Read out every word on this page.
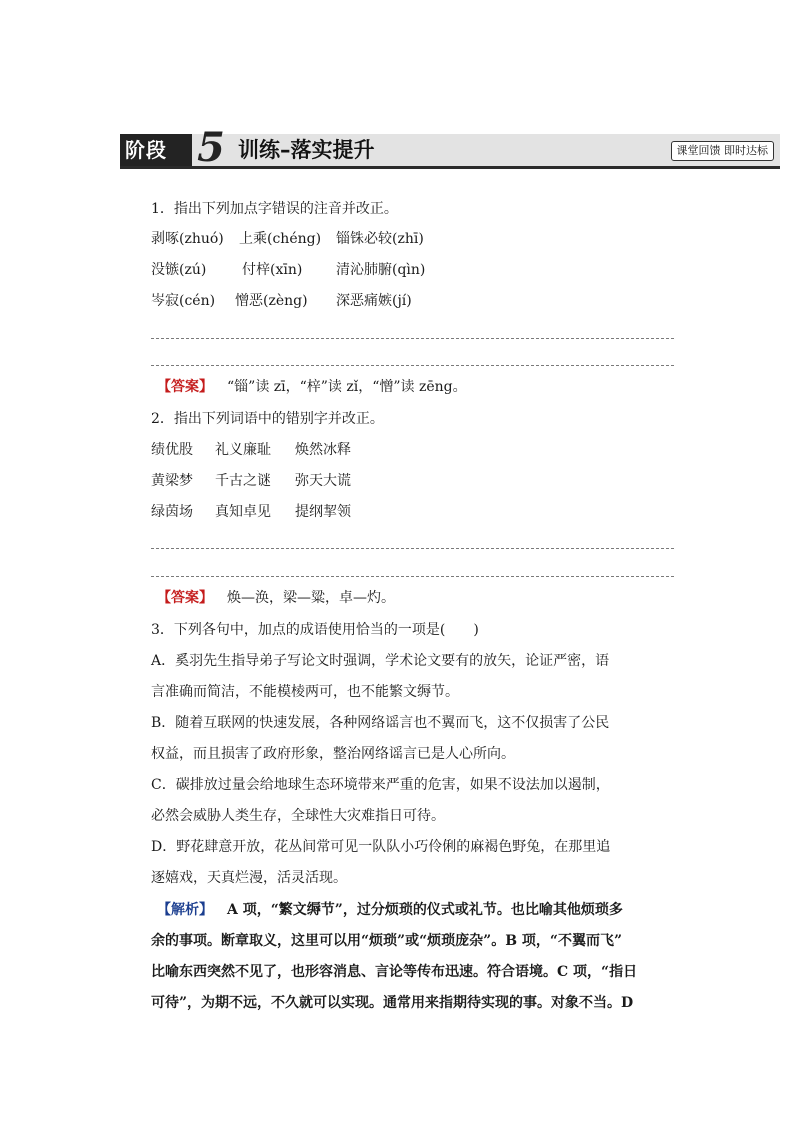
阶段 5 训练–落实提升	课堂回馈 即时达标
1．指出下列加点字错误的注音并改正。
剥啄(zhuó) 上乘(chéng) 锱铢必较(zhī)
没镞(zú)	付梓(xīn) 清沁肺腑(qìn)
岑寂(cén) 憎恶(zèng) 深恶痛嫉(jí)
【答案】 “锱”读 zī，“梓”读 zǐ，“憎”读 zēng。
2．指出下列词语中的错别字并改正。
绩优股 礼义廉耻 焕然冰释
黄梁梦 千古之谜 弥天大谎
绿茵场 真知卓见 提纲挈领
【答案】 焕—涣，梁—粱，卓—灼。
3．下列各句中，加点的成语使用恰当的一项是(　　)
A．奚羽先生指导弟子写论文时强调，学术论文要有的放矢，论证严密，语
言准确而简洁，不能模棱两可，也不能繁文缛节。
B．随着互联网的快速发展，各种网络谣言也不翼而飞，这不仅损害了公民
权益，而且损害了政府形象，整治网络谣言已是人心所向。
C．碳排放过量会给地球生态环境带来严重的危害，如果不设法加以遏制，
必然会威胁人类生存，全球性大灾难指日可待。
D．野花肆意开放，花丛间常可见一队队小巧伶俐的麻褐色野兔，在那里追
逐嬉戏，天真烂漫，活灵活现。
【解析】 A 项，“繁文缛节”，过分烦琐的仪式或礼节。也比喻其他烦琐多
余的事项。断章取义，这里可以用“烦琐”或“烦琐庞杂”。B 项，“不翼而飞”
比喻东西突然不见了，也形容消息、言论等传布迅速。符合语境。C 项，“指日
可待”，为期不远，不久就可以实现。通常用来指期待实现的事。对象不当。D
